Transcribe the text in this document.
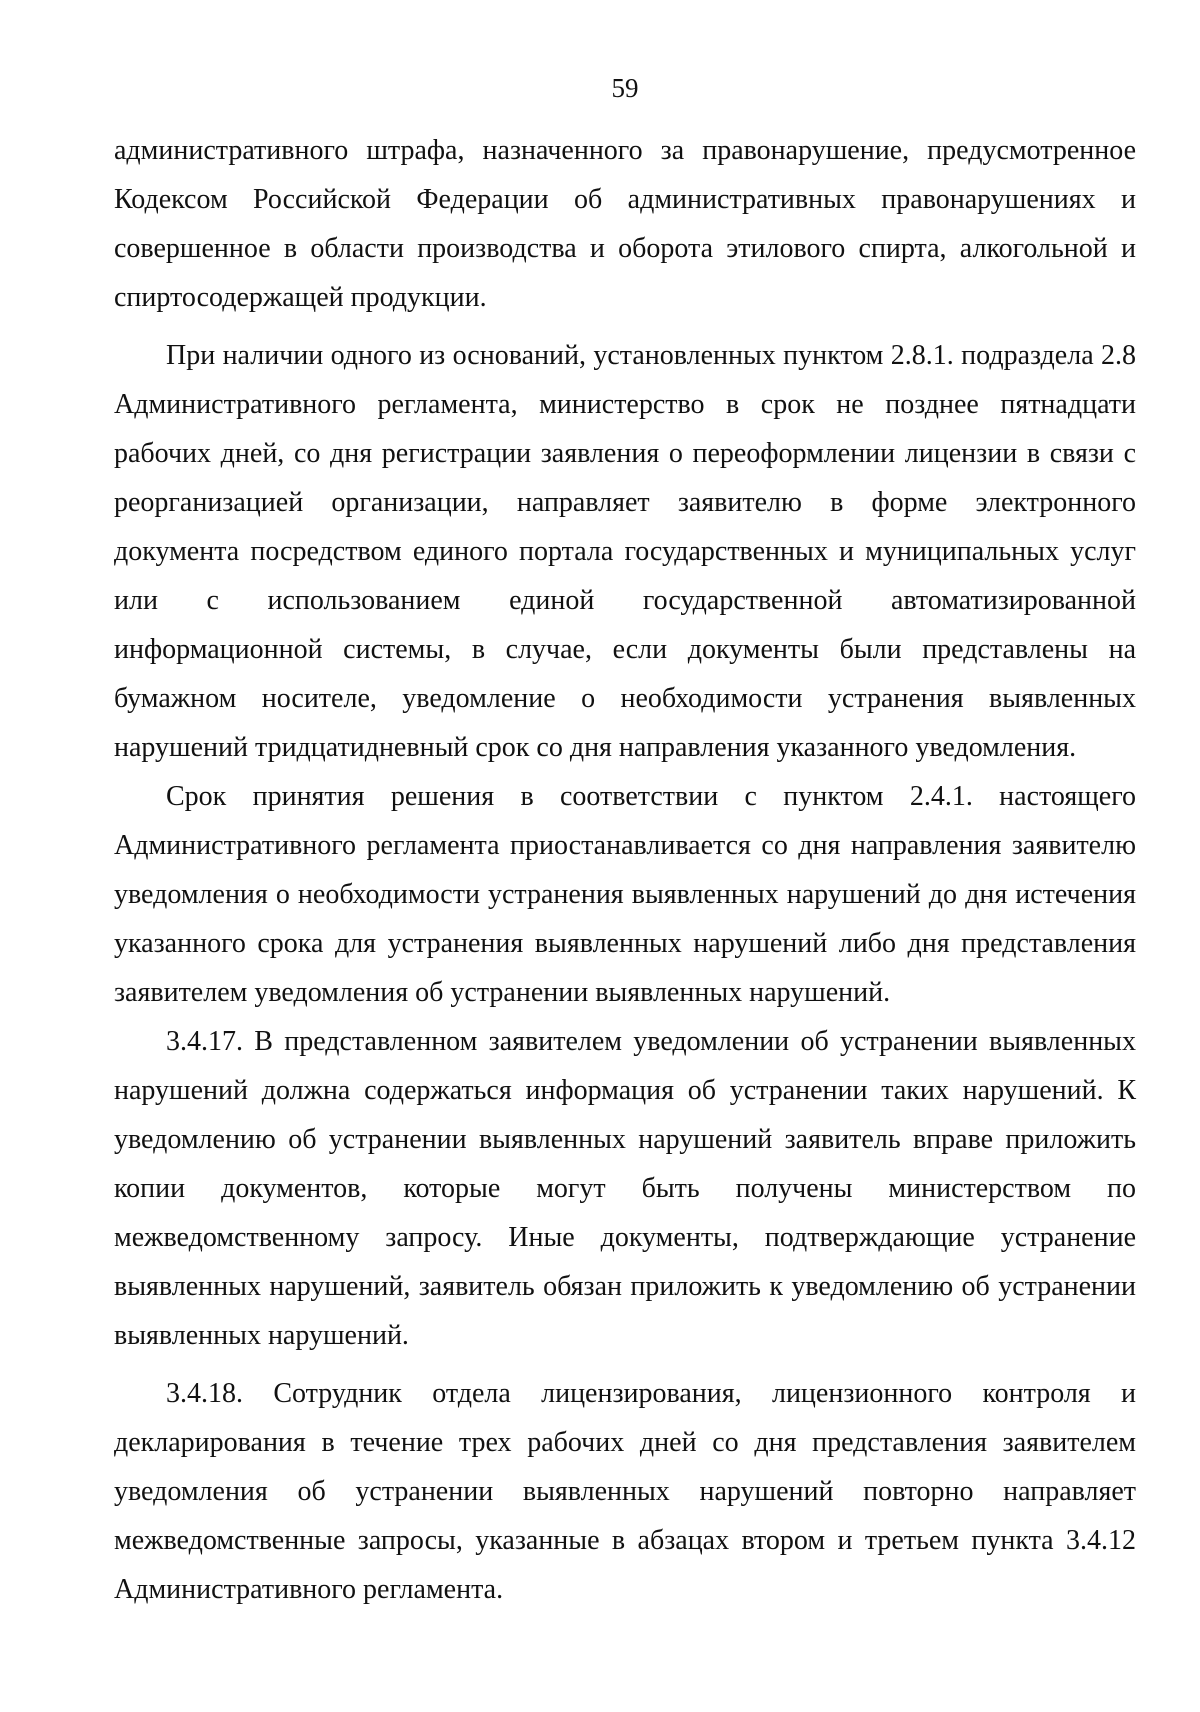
59

административного штрафа, назначенного за правонарушение, предусмотренное Кодексом Российской Федерации об административных правонарушениях и совершенное в области производства и оборота этилового спирта, алкогольной и спиртосодержащей продукции.

При наличии одного из оснований, установленных пунктом 2.8.1. подраздела 2.8 Административного регламента, министерство в срок не позднее пятнадцати рабочих дней, со дня регистрации заявления о переоформлении лицензии в связи с реорганизацией организации, направляет заявителю в форме электронного документа посредством единого портала государственных и муниципальных услуг или с использованием единой государственной автоматизированной информационной системы, в случае, если документы были представлены на бумажном носителе, уведомление о необходимости устранения выявленных нарушений тридцатидневный срок со дня направления указанного уведомления.

Срок принятия решения в соответствии с пунктом 2.4.1. настоящего Административного регламента приостанавливается со дня направления заявителю уведомления о необходимости устранения выявленных нарушений до дня истечения указанного срока для устранения выявленных нарушений либо дня представления заявителем уведомления об устранении выявленных нарушений.

3.4.17. В представленном заявителем уведомлении об устранении выявленных нарушений должна содержаться информация об устранении таких нарушений. К уведомлению об устранении выявленных нарушений заявитель вправе приложить копии документов, которые могут быть получены министерством по межведомственному запросу. Иные документы, подтверждающие устранение выявленных нарушений, заявитель обязан приложить к уведомлению об устранении выявленных нарушений.

3.4.18. Сотрудник отдела лицензирования, лицензионного контроля и декларирования в течение трех рабочих дней со дня представления заявителем уведомления об устранении выявленных нарушений повторно направляет межведомственные запросы, указанные в абзацах втором и третьем пункта 3.4.12 Административного регламента.
